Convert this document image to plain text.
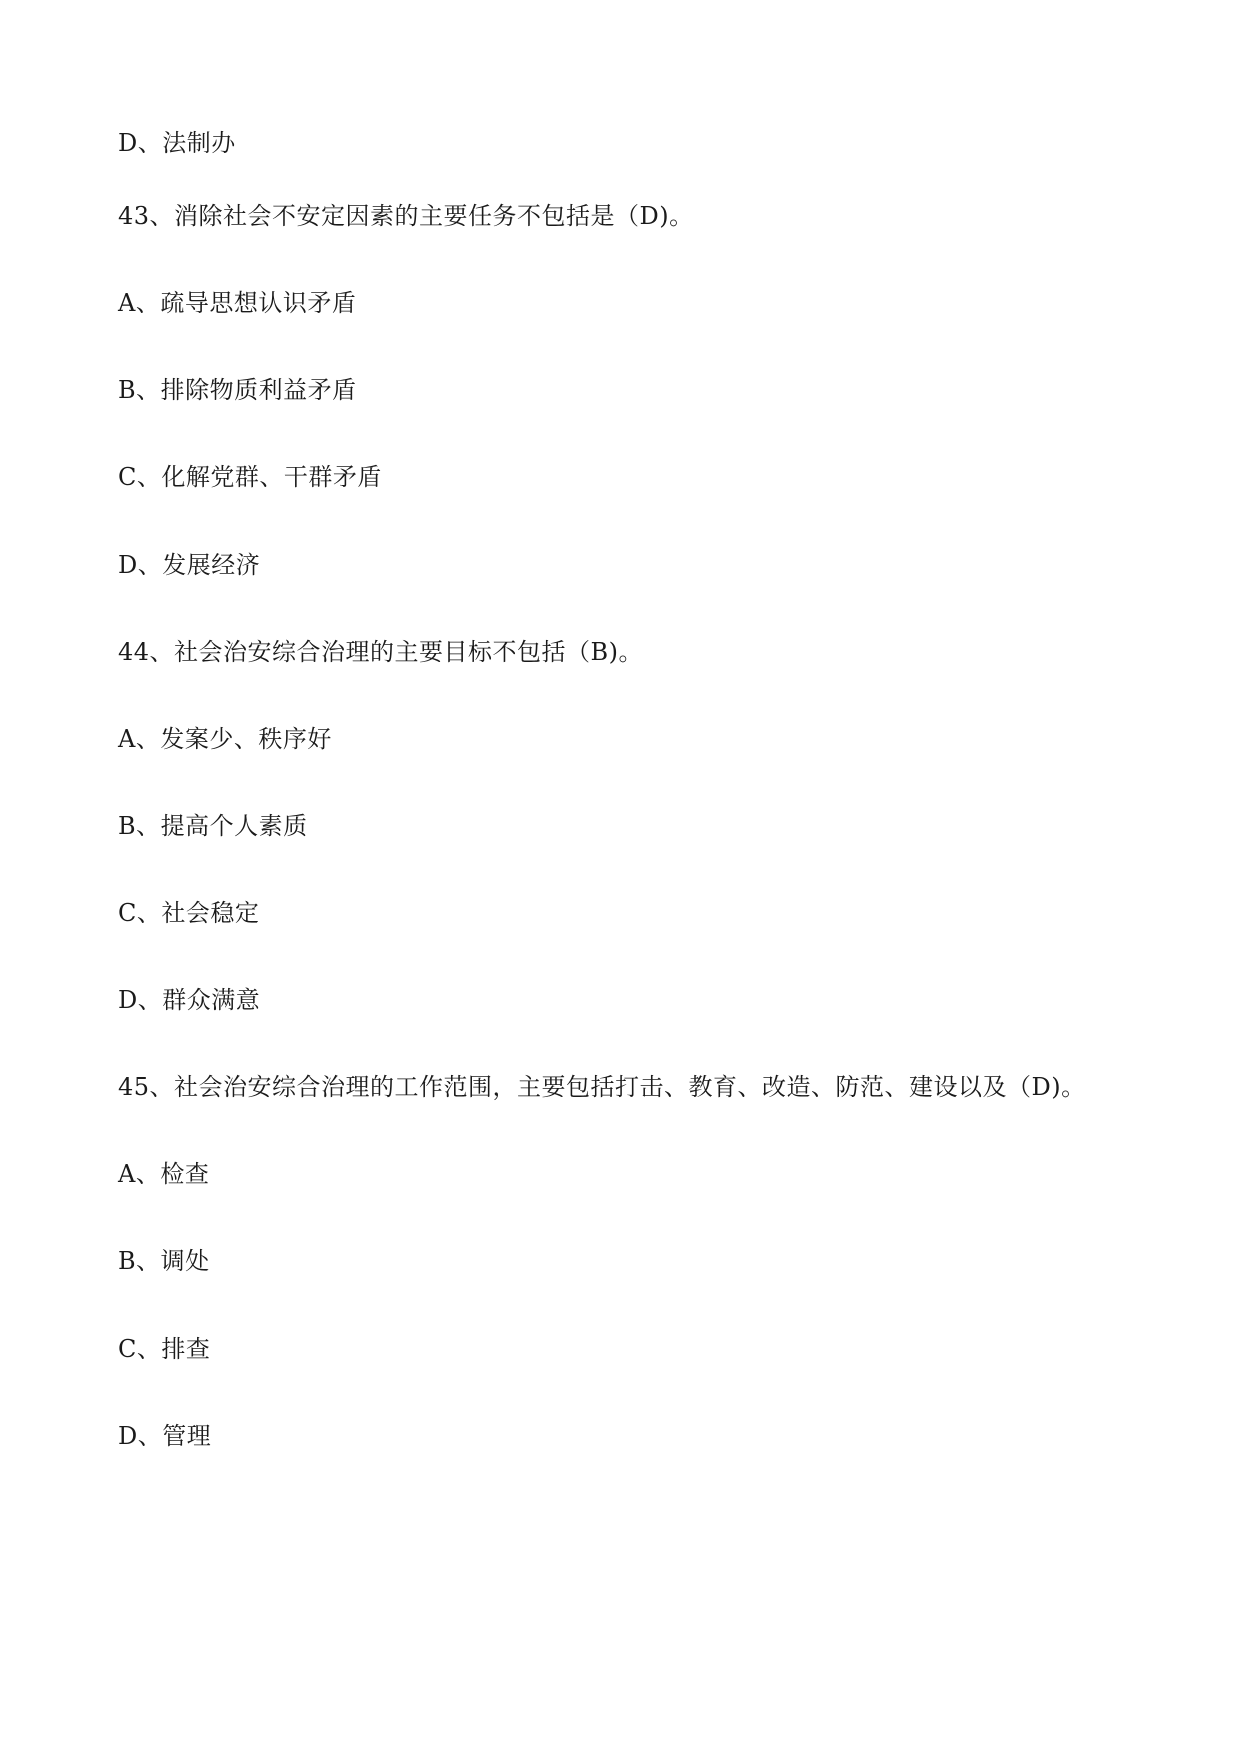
D、法制办
43、消除社会不安定因素的主要任务不包括是（D)。
A、疏导思想认识矛盾
B、排除物质利益矛盾
C、化解党群、干群矛盾
D、发展经济
44、社会治安综合治理的主要目标不包括（B)。
A、发案少、秩序好
B、提高个人素质
C、社会稳定
D、群众满意
45、社会治安综合治理的工作范围，主要包括打击、教育、改造、防范、建设以及（D)。
A、检查
B、调处
C、排查
D、管理
